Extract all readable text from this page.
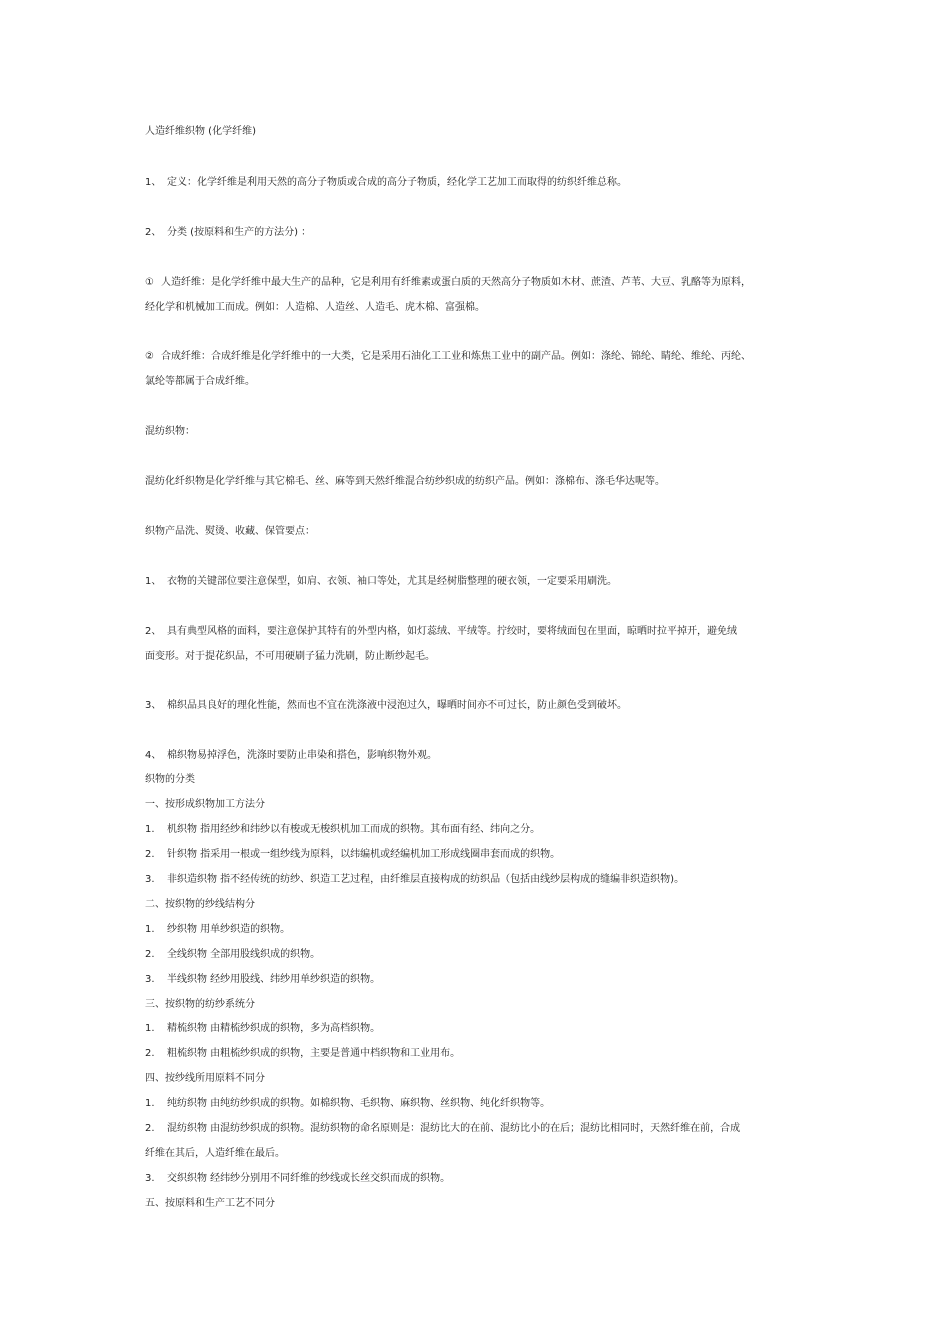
人造纤维织物 (化学纤维)
1、 定义：化学纤维是利用天然的高分子物质或合成的高分子物质，经化学工艺加工而取得的纺织纤维总称。
2、 分类 (按原料和生产的方法分) ：
① 人造纤维：是化学纤维中最大生产的品种，它是利用有纤维素或蛋白质的天然高分子物质如木材、蔗渣、芦苇、大豆、乳酪等为原料，
经化学和机械加工而成。例如：人造棉、人造丝、人造毛、虎木棉、富强棉。
② 合成纤维：合成纤维是化学纤维中的一大类，它是采用石油化工工业和炼焦工业中的副产品。例如：涤纶、锦纶、睛纶、维纶、丙纶、
氯纶等都属于合成纤维。
混纺织物：
混纺化纤织物是化学纤维与其它棉毛、丝、麻等到天然纤维混合纺纱织成的纺织产品。例如：涤棉布、涤毛华达呢等。
织物产品洗、熨烫、收藏、保管要点：
1、 衣物的关键部位要注意保型，如肩、衣领、袖口等处，尤其是经树脂整理的硬衣领，一定要采用刷洗。
2、 具有典型风格的面料，要注意保护其特有的外型内格，如灯蕊绒、平绒等。拧绞时，要将绒面包在里面，晾晒时拉平掉开，避免绒
面变形。对于提花织品，不可用硬刷子猛力洗刷，防止断纱起毛。
3、 棉织品具良好的理化性能，然而也不宜在洗涤液中浸泡过久，曝晒时间亦不可过长，防止颜色受到破坏。
4、 棉织物易掉浮色，洗涤时要防止串染和搭色，影响织物外观。
织物的分类
一、按形成织物加工方法分
1. 机织物 指用经纱和纬纱以有梭或无梭织机加工而成的织物。其布面有经、纬向之分。
2. 针织物 指采用一根或一组纱线为原料，以纬编机或经编机加工形成线圈串套而成的织物。
3. 非织造织物 指不经传统的纺纱、织造工艺过程，由纤维层直接构成的纺织品（包括由线纱层构成的缝编非织造织物)。
二、按织物的纱线结构分
1. 纱织物 用单纱织造的织物。
2. 全线织物 全部用股线织成的织物。
3. 半线织物 经纱用股线、纬纱用单纱织造的织物。
三、按织物的纺纱系统分
1. 精梳织物 由精梳纱织成的织物，多为高档织物。
2. 粗梳织物 由粗梳纱织成的织物，主要是普通中档织物和工业用布。
四、按纱线所用原料不同分
1. 纯纺织物 由纯纺纱织成的织物。如棉织物、毛织物、麻织物、丝织物、纯化纤织物等。
2. 混纺织物 由混纺纱织成的织物。混纺织物的命名原则是：混纺比大的在前、混纺比小的在后；混纺比相同时，天然纤维在前，合成
纤维在其后，人造纤维在最后。
3. 交织织物 经纬纱分别用不同纤维的纱线或长丝交织而成的织物。
五、按原料和生产工艺不同分
